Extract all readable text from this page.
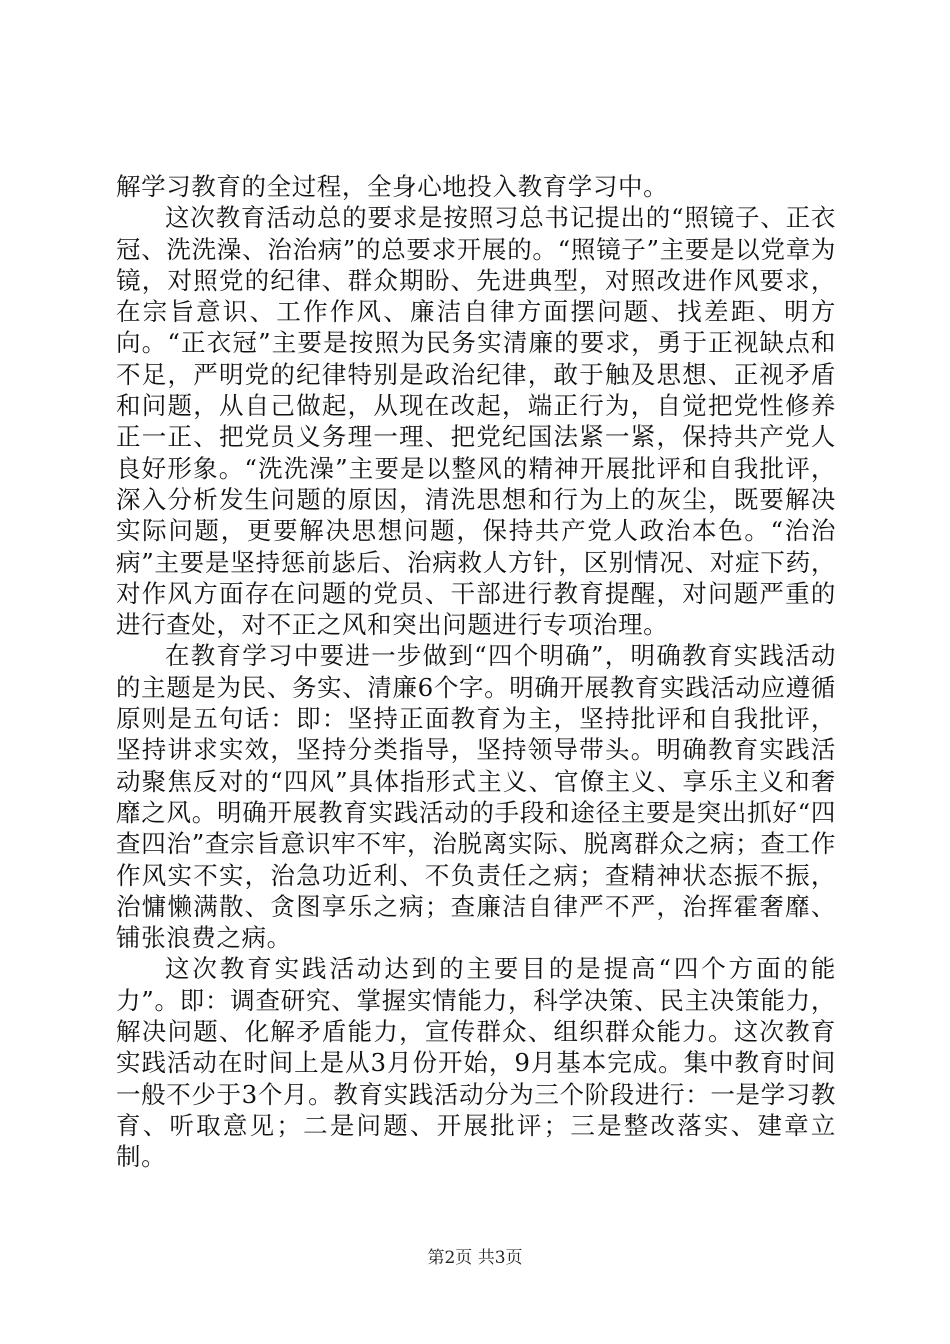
解学习教育的全过程，全身心地投入教育学习中。

这次教育活动总的要求是按照习总书记提出的“照镜子、正衣冠、洗洗澡、治治病”的总要求开展的。“照镜子”主要是以党章为镜，对照党的纪律、群众期盼、先进典型，对照改进作风要求，在宗旨意识、工作作风、廉洁自律方面摆问题、找差距、明方向。“正衣冠”主要是按照为民务实清廉的要求，勇于正视缺点和不足，严明党的纪律特别是政治纪律，敢于触及思想、正视矛盾和问题，从自己做起，从现在改起，端正行为，自觉把党性修养正一正、把党员义务理一理、把党纪国法紧一紧，保持共产党人良好形象。“洗洗澡”主要是以整风的精神开展批评和自我批评，深入分析发生问题的原因，清洗思想和行为上的灰尘，既要解决实际问题，更要解决思想问题，保持共产党人政治本色。“治治病”主要是坚持惩前毖后、治病救人方针，区别情况、对症下药，对作风方面存在问题的党员、干部进行教育提醒，对问题严重的进行查处，对不正之风和突出问题进行专项治理。

在教育学习中要进一步做到“四个明确”，明确教育实践活动的主题是为民、务实、清廉6个字。明确开展教育实践活动应遵循原则是五句话：即：坚持正面教育为主，坚持批评和自我批评，坚持讲求实效，坚持分类指导，坚持领导带头。明确教育实践活动聚焦反对的“四风”具体指形式主义、官僚主义、享乐主义和奢靡之风。明确开展教育实践活动的手段和途径主要是突出抓好“四查四治”查宗旨意识牢不牢，治脱离实际、脱离群众之病；查工作作风实不实，治急功近利、不负责任之病；查精神状态振不振，治慵懒满散、贪图享乐之病；查廉洁自律严不严，治挥霍奢靡、铺张浪费之病。

这次教育实践活动达到的主要目的是提高“四个方面的能力”。即：调查研究、掌握实情能力，科学决策、民主决策能力，解决问题、化解矛盾能力，宣传群众、组织群众能力。这次教育实践活动在时间上是从3月份开始，9月基本完成。集中教育时间一般不少于3个月。教育实践活动分为三个阶段进行：一是学习教育、听取意见；二是问题、开展批评；三是整改落实、建章立制。

第2页 共3页
